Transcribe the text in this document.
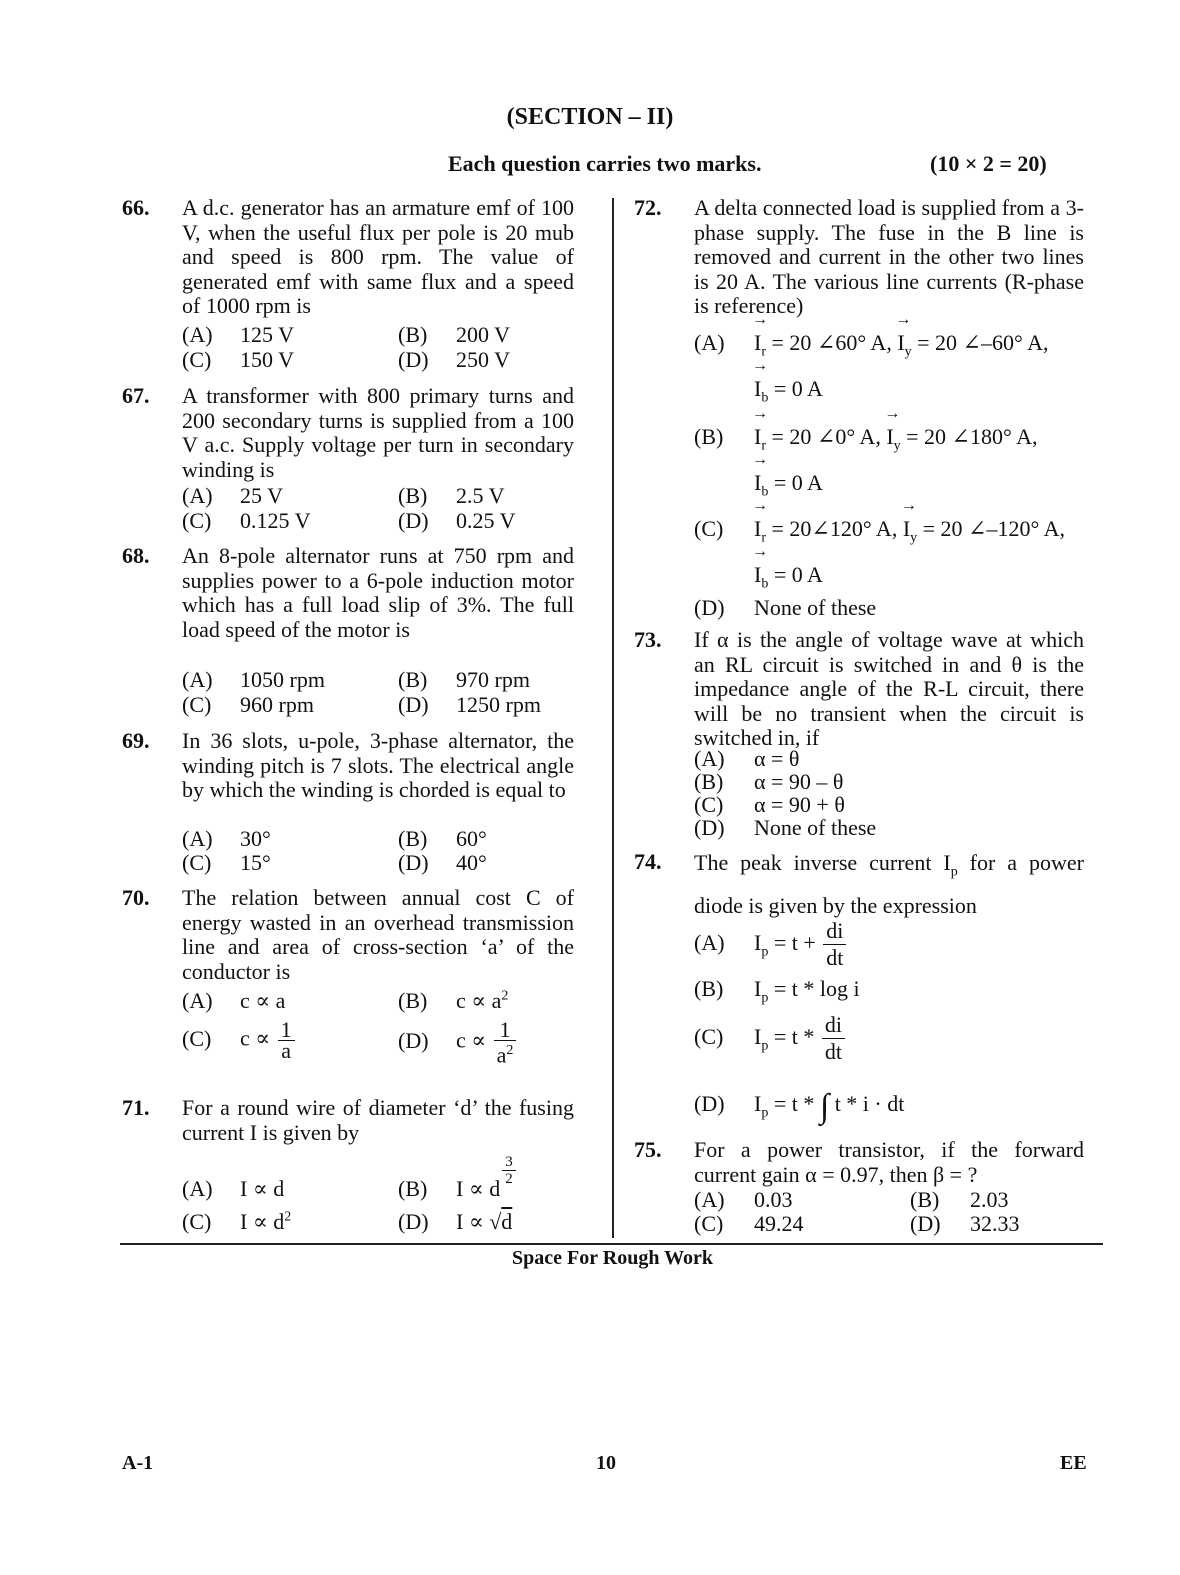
(SECTION – II)
Each question carries two marks.	(10 × 2 = 20)
66. A d.c. generator has an armature emf of 100 V, when the useful flux per pole is 20 mub and speed is 800 rpm. The value of generated emf with same flux and a speed of 1000 rpm is
(A) 125 V	(B) 200 V
(C) 150 V	(D) 250 V
67. A transformer with 800 primary turns and 200 secondary turns is supplied from a 100 V a.c. Supply voltage per turn in secondary winding is
(A) 25 V	(B) 2.5 V
(C) 0.125 V	(D) 0.25 V
68. An 8-pole alternator runs at 750 rpm and supplies power to a 6-pole induction motor which has a full load slip of 3%. The full load speed of the motor is
(A) 1050 rpm	(B) 970 rpm
(C) 960 rpm	(D) 1250 rpm
69. In 36 slots, u-pole, 3-phase alternator, the winding pitch is 7 slots. The electrical angle by which the winding is chorded is equal to
(A) 30°	(B) 60°
(C) 15°	(D) 40°
70. The relation between annual cost C of energy wasted in an overhead transmission line and area of cross-section ‘a’ of the conductor is
(A) c ∝ a	(B) $c \propto a^2$
(C) $c \propto \frac{1}{a}$	(D) $c \propto \frac{1}{a^2}$
71. For a round wire of diameter ‘d’ the fusing current I is given by
(A) I ∝ d	(B) I ∝ d
$^{\frac{3}{2}}$
(C) $I \propto d^2$	(D) I ∝ √d
72. A delta connected load is supplied from a 3-phase supply. The fuse in the B line is removed and current in the other two lines is 20 A. The various line currents (R-phase is reference)
$(A) \to I_r = 20$ ∠60° A, → $I_y = 20$ ∠–60° A,
→ $I_b = 0$ A
$(B) \to I_r = 20$ ∠0° A, → $I_y = 20$ ∠180° A,
→ $I_b = 0$ A
$(C) \to I_r$ = 20∠120° A, → $I_y = 20$ ∠–120° A,
→ $I_b = 0$ A
(D) None of these
73. If α is the angle of voltage wave at which an RL circuit is switched in and θ is the impedance angle of the R-L circuit, there will be no transient when the circuit is switched in, if
(A) α = θ
(B) α = 90 – θ
(C) α = 90 + θ
(D) None of these
74. The peak inverse current $I_p$ for a power diode is given by the expression
(A) $I_p = t + \frac{di}{dt}$
(B) $I_p = t * \log i$
(C) $I_p = t * \frac{di}{dt}$
(D) $I_p = t$ * ∫ t * i · dt
75. For a power transistor, if the forward current gain α = 0.97, then β = ?
(A) 0.03	(B) 2.03
(C) 49.24	(D) 32.33
Space For Rough Work
A-1	10	EE
